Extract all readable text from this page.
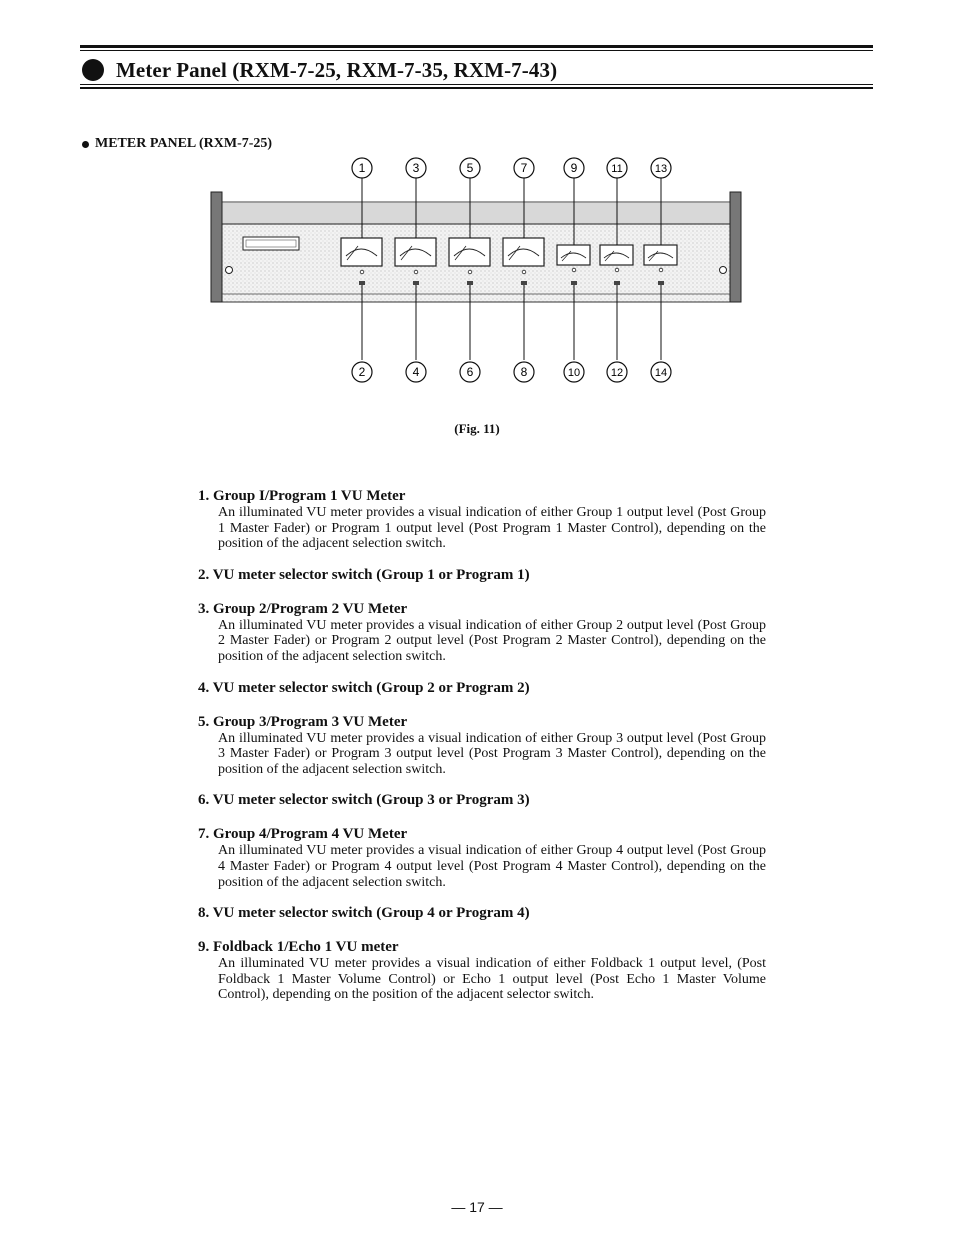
Meter Panel (RXM-7-25, RXM-7-35, RXM-7-43)
METER PANEL (RXM-7-25)
1	3	5	7	9	11	13
2	4	6	8	10	12	14
(Fig. 11)
1. Group I/Program 1 VU Meter
An illuminated VU meter provides a visual indication of either Group 1 output level (Post Group 1 Master Fader) or Program 1 output level (Post Program 1 Master Control), depending on the position of the adjacent selection switch.
2. VU meter selector switch (Group 1 or Program 1)
3. Group 2/Program 2 VU Meter
An illuminated VU meter provides a visual indication of either Group 2 output level (Post Group 2 Master Fader) or Program 2 output level (Post Program 2 Master Control), depending on the position of the adjacent selection switch.
4. VU meter selector switch (Group 2 or Program 2)
5. Group 3/Program 3 VU Meter
An illuminated VU meter provides a visual indication of either Group 3 output level (Post Group 3 Master Fader) or Program 3 output level (Post Program 3 Master Control), depending on the position of the adjacent selection switch.
6. VU meter selector switch (Group 3 or Program 3)
7. Group 4/Program 4 VU Meter
An illuminated VU meter provides a visual indication of either Group 4 output level (Post Group 4 Master Fader) or Program 4 output level (Post Program 4 Master Control), depending on the position of the adjacent selection switch.
8. VU meter selector switch (Group 4 or Program 4)
9. Foldback 1/Echo 1 VU meter
An illuminated VU meter provides a visual indication of either Foldback 1 output level, (Post Foldback 1 Master Volume Control) or Echo 1 output level (Post Echo 1 Master Volume Control), depending on the position of the adjacent selector switch.
— 17 —
